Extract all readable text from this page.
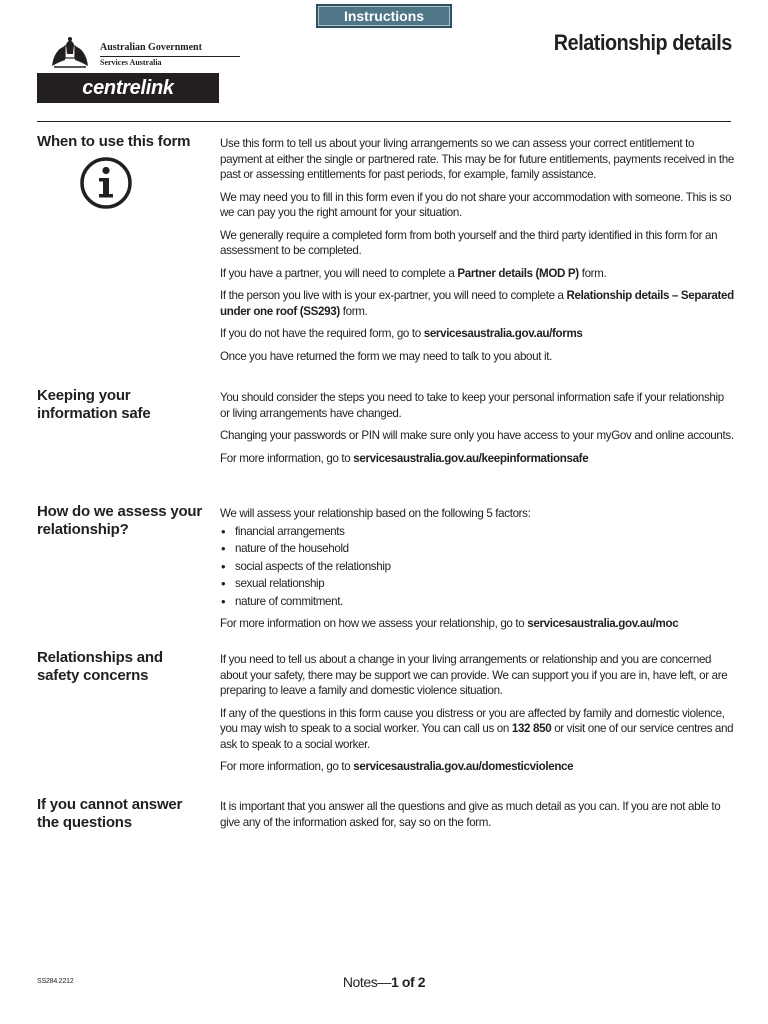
Instructions
Australian Government
Services Australia
centrelink
Relationship details
When to use this form	Use this form to tell us about your living arrangements so we can assess your correct entitlement to payment at either the single or partnered rate. This may be for future entitlements, payments received in the past or assessing entitlements for past periods, for example, family assistance.

We may need you to fill in this form even if you do not share your accommodation with someone. This is so we can pay you the right amount for your situation.

We generally require a completed form from both yourself and the third party identified in this form for an assessment to be completed.

If you have a partner, you will need to complete a Partner details (MOD P) form.

If the person you live with is your ex-partner, you will need to complete a Relationship details – Separated under one roof (SS293) form.

If you do not have the required form, go to servicesaustralia.gov.au/forms

Once you have returned the form we may need to talk to you about it.

Keeping your information safe

You should consider the steps you need to take to keep your personal information safe if your relationship or living arrangements have changed.

Changing your passwords or PIN will make sure only you have access to your myGov and online accounts.

For more information, go to servicesaustralia.gov.au/keepinformationsafe

How do we assess your relationship?

We will assess your relationship based on the following 5 factors:

• financial arrangements
• nature of the household
• social aspects of the relationship
• sexual relationship
• nature of commitment.

For more information on how we assess your relationship, go to servicesaustralia.gov.au/moc

Relationships and safety concerns

If you need to tell us about a change in your living arrangements or relationship and you are concerned about your safety, there may be support we can provide. We can support you if you are in, have left, or are preparing to leave a family and domestic violence situation.

If any of the questions in this form cause you distress or you are affected by family and domestic violence, you may wish to speak to a social worker. You can call us on 132 850 or visit one of our service centres and ask to speak to a social worker.

For more information, go to servicesaustralia.gov.au/domesticviolence

If you cannot answer the questions

It is important that you answer all the questions and give as much detail as you can. If you are not able to give any of the information asked for, say so on the form.

SS284.2212	Notes—1 of 2
